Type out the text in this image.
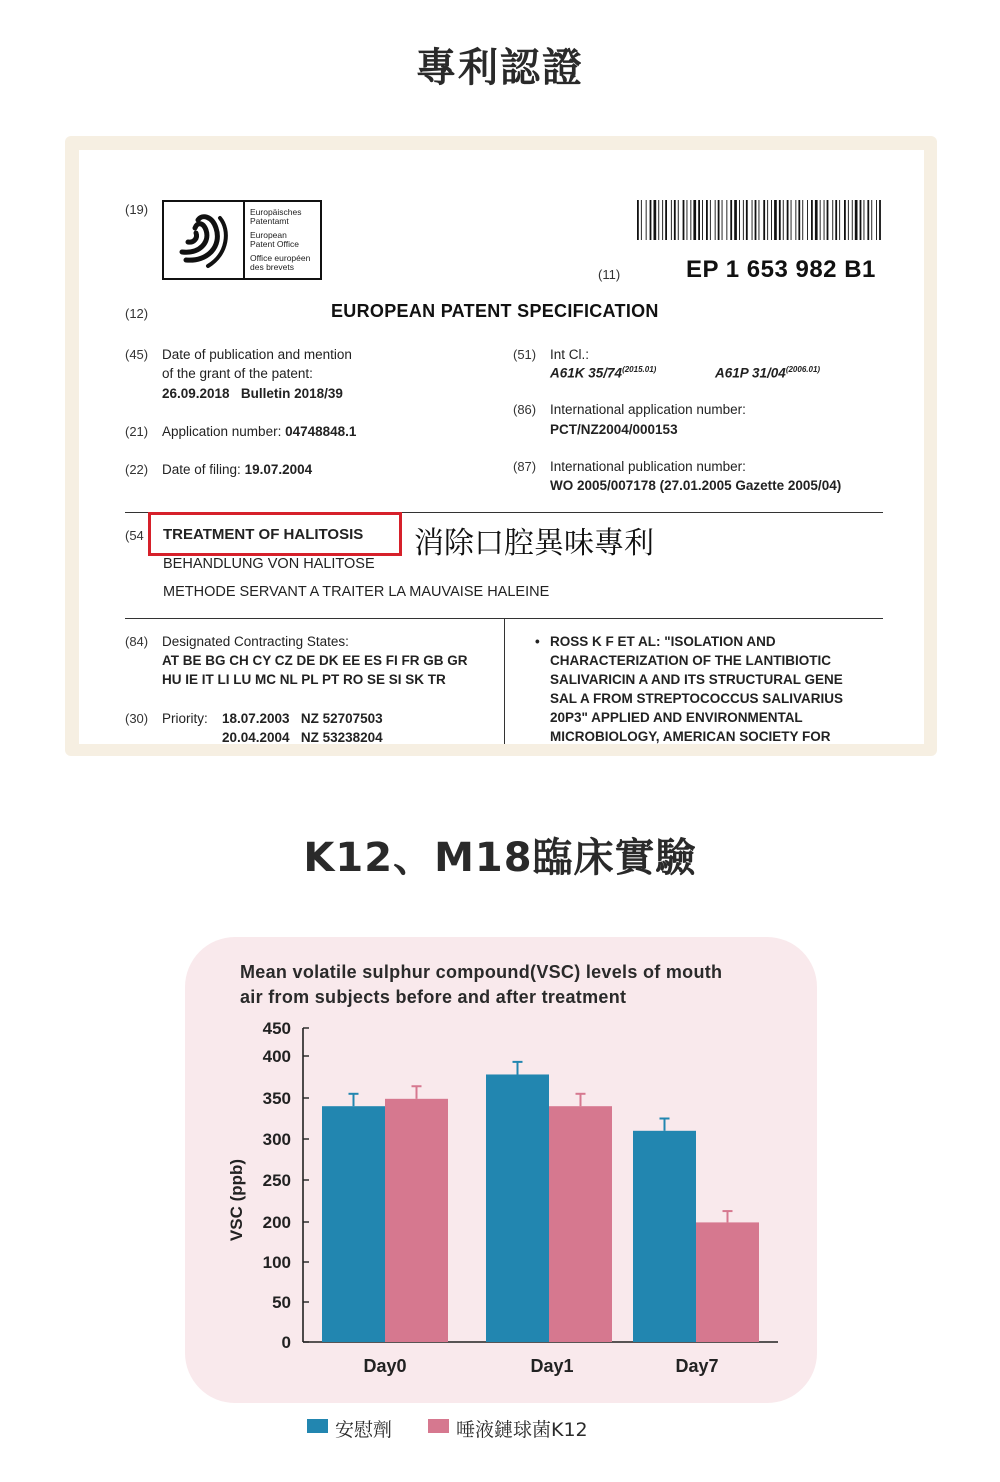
專利認證
(19)	Europäisches
Patentamt
European
Patent Office
Office européen
des brevets	(11)	EP 1 653 982 B1
(12)	EUROPEAN PATENT SPECIFICATION
(45) Date of publication and mention
of the grant of the patent:
26.09.2018   Bulletin 2018/39
(21) Application number: 04748848.1
(22) Date of filing: 19.07.2004
(51) Int Cl.:
A61K $35/74^{(2015.01)}$	A61P $31/04^{(2006.01)}$
(86) International application number:
PCT/NZ2004/000153
(87) International publication number:
WO 2005/007178 (27.01.2005 Gazette 2005/04)
(54 TREATMENT OF HALITOSIS
BEHANDLUNG VON HALITOSE
METHODE SERVANT A TRAITER LA MAUVAISE HALEINE
消除口腔異味專利
(84) Designated Contracting States:
AT BE BG CH CY CZ DE DK EE ES FI FR GB GR
HU IE IT LI LU MC NL PL PT RO SE SI SK TR
(30) Priority: 18.07.2003   NZ 52707503
20.04.2004   NZ 53238204
• ROSS K F ET AL: "ISOLATION AND
CHARACTERIZATION OF THE LANTIBIOTIC
SALIVARICIN A AND ITS STRUCTURAL GENE
SAL A FROM STREPTOCOCCUS SALIVARIUS
20P3" APPLIED AND ENVIRONMENTAL
MICROBIOLOGY, AMERICAN SOCIETY FOR
K12、M18臨床實驗
Mean volatile sulphur compound(VSC) levels of mouth
air from subjects before and after treatment
450
400
350
300
250
200
100
50
0
VSC (ppb)
Day0	Day1	Day7
安慰劑	唾液鏈球菌K12
